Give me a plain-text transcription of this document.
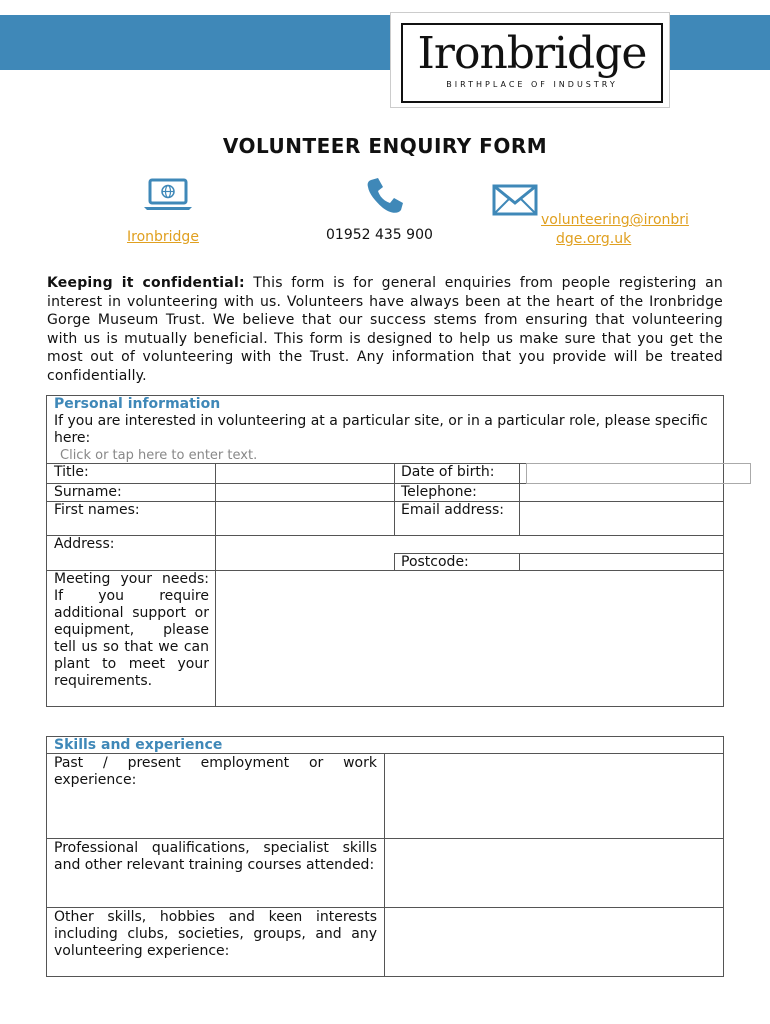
Ironbridge
BIRTHPLACE OF INDUSTRY
VOLUNTEER ENQUIRY FORM
Ironbridge	01952 435 900
volunteering@ironbri
dge.org.uk
Keeping it confidential: This form is for general enquiries from people registering an interest in volunteering with us. Volunteers have always been at the heart of the Ironbridge Gorge Museum Trust. We believe that our success stems from ensuring that volunteering with us is mutually beneficial. This form is designed to help us make sure that you get the most out of volunteering with the Trust. Any information that you provide will be treated confidentially.
Personal information
If you are interested in volunteering at a particular site, or in a particular role, please specific here:
Click or tap here to enter text.
Title:	Date of birth:
Surname:	Telephone:
First names:	Email address:
Address:
Postcode:
Meeting your needs: If you require additional support or equipment, please tell us so that we can plant to meet your requirements.
Skills and experience
Past / present employment or work experience:
Professional qualifications, specialist skills and other relevant training courses attended:
Other skills, hobbies and keen interests including clubs, societies, groups, and any volunteering experience:
